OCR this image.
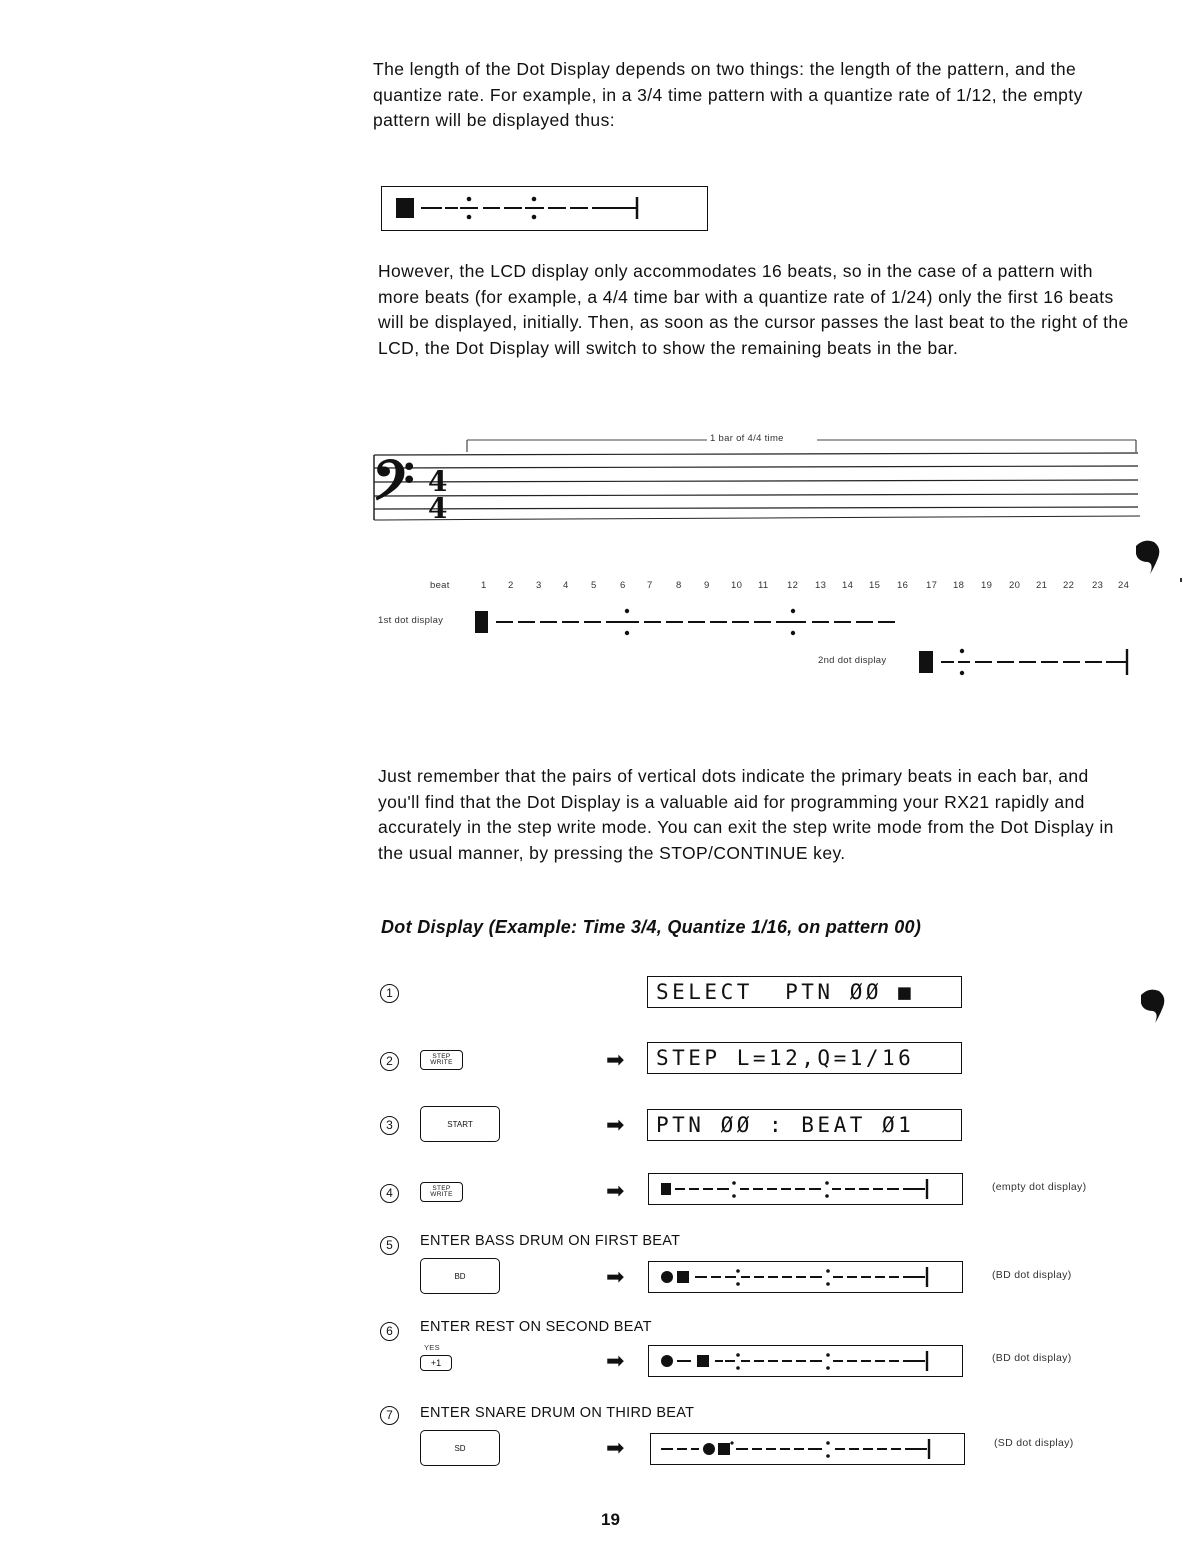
The length of the Dot Display depends on two things: the length of the pattern, and the quantize rate. For example, in a 3/4 time pattern with a quantize rate of 1/12, the empty pattern will be displayed thus:

However, the LCD display only accommodates 16 beats, so in the case of a pattern with more beats (for example, a 4/4 time bar with a quantize rate of 1/24) only the first 16 beats will be displayed, initially. Then, as soon as the cursor passes the last beat to the right of the LCD, the Dot Display will switch to show the remaining beats in the bar.

𝄢 4
4
1 bar of 4/4 time
beat	1 2 3 4 5 6 7 8 9 10 11 12 13 14 15 16 17 18 19 20 21 22 23 24
1st dot display
2nd dot display

Just remember that the pairs of vertical dots indicate the primary beats in each bar, and you'll find that the Dot Display is a valuable aid for programming your RX21 rapidly and accurately in the step write mode. You can exit the step write mode from the Dot Display in the usual manner, by pressing the STOP/CONTINUE key.

Dot Display (Example: Time 3/4, Quantize 1/16, on pattern 00)
1	SELECT  PTN ØØ ■
2	STEP
WRITE	➡ STEP L=12,Q=1/16
3	START	➡ PTN ØØ : BEAT Ø1
4	STEP
WRITE	➡	(empty dot display)
5	ENTER BASS DRUM ON FIRST BEAT
BD	➡	(BD dot display)
6	ENTER REST ON SECOND BEAT
YES
+1	➡	(BD dot display)
7	ENTER SNARE DRUM ON THIRD BEAT
SD	➡	(SD dot display)
19
